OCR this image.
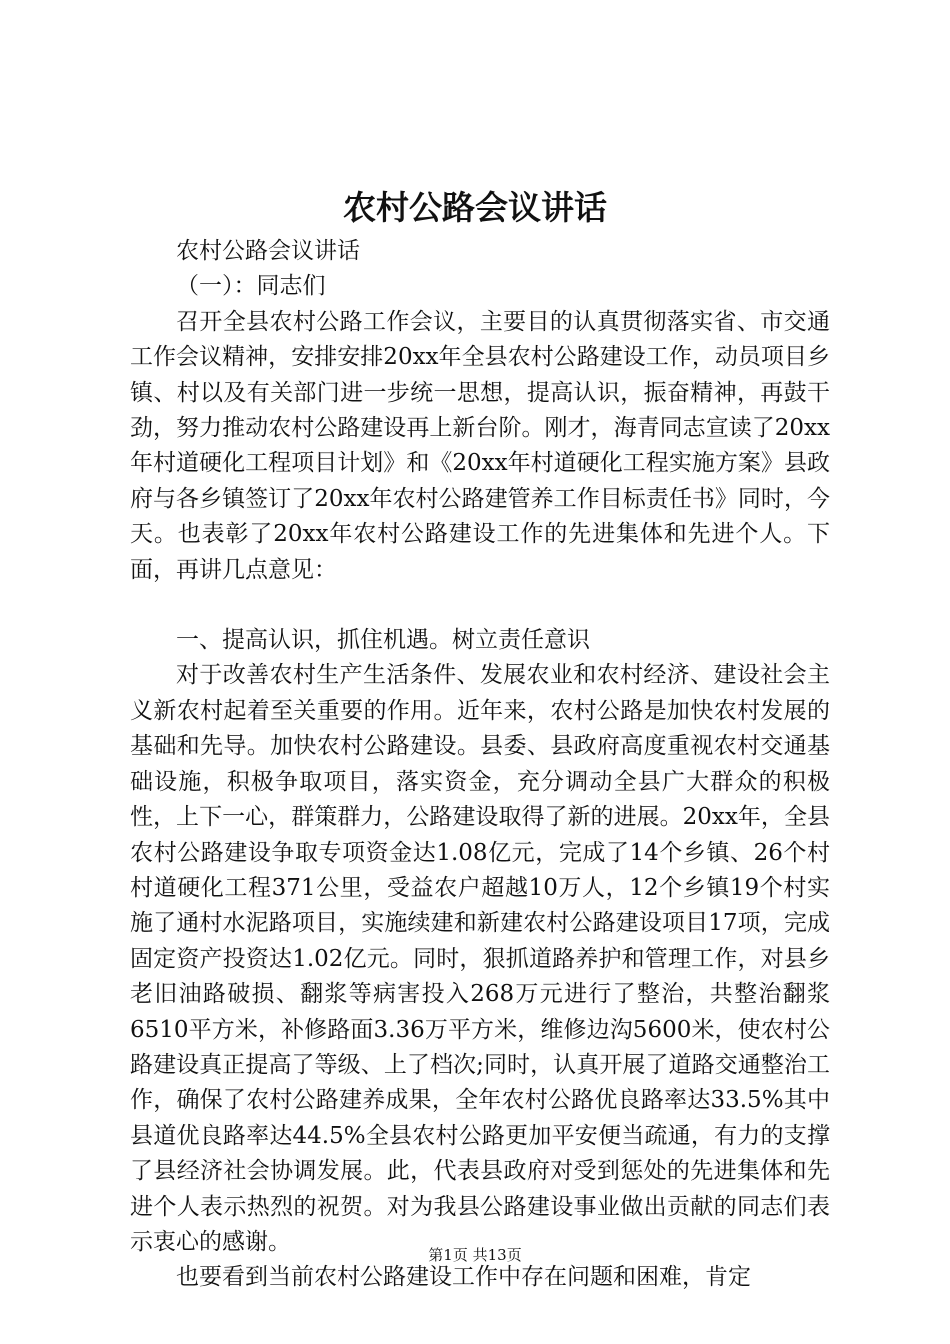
农村公路会议讲话

农村公路会议讲话

（一）：同志们

召开全县农村公路工作会议，主要目的认真贯彻落实省、市交通工作会议精神，安排安排20xx年全县农村公路建设工作，动员项目乡镇、村以及有关部门进一步统一思想，提高认识，振奋精神，再鼓干劲，努力推动农村公路建设再上新台阶。刚才，海青同志宣读了20xx年村道硬化工程项目计划》和《20xx年村道硬化工程实施方案》县政府与各乡镇签订了20xx年农村公路建管养工作目标责任书》同时，今天。也表彰了20xx年农村公路建设工作的先进集体和先进个人。下面，再讲几点意见：

一、提高认识，抓住机遇。树立责任意识

对于改善农村生产生活条件、发展农业和农村经济、建设社会主义新农村起着至关重要的作用。近年来，农村公路是加快农村发展的基础和先导。加快农村公路建设。县委、县政府高度重视农村交通基础设施，积极争取项目，落实资金，充分调动全县广大群众的积极性，上下一心，群策群力，公路建设取得了新的进展。20xx年，全县农村公路建设争取专项资金达1.08亿元，完成了14个乡镇、26个村村道硬化工程371公里，受益农户超越10万人，12个乡镇19个村实施了通村水泥路项目，实施续建和新建农村公路建设项目17项，完成固定资产投资达1.02亿元。同时，狠抓道路养护和管理工作，对县乡老旧油路破损、翻浆等病害投入268万元进行了整治，共整治翻浆6510平方米，补修路面3.36万平方米，维修边沟5600米，使农村公路建设真正提高了等级、上了档次;同时，认真开展了道路交通整治工作，确保了农村公路建养成果，全年农村公路优良路率达33.5%其中县道优良路率达44.5%全县农村公路更加平安便当疏通，有力的支撑了县经济社会协调发展。此，代表县政府对受到惩处的先进集体和先进个人表示热烈的祝贺。对为我县公路建设事业做出贡献的同志们表示衷心的感谢。

也要看到当前农村公路建设工作中存在问题和困难，肯定

第1页 共13页
